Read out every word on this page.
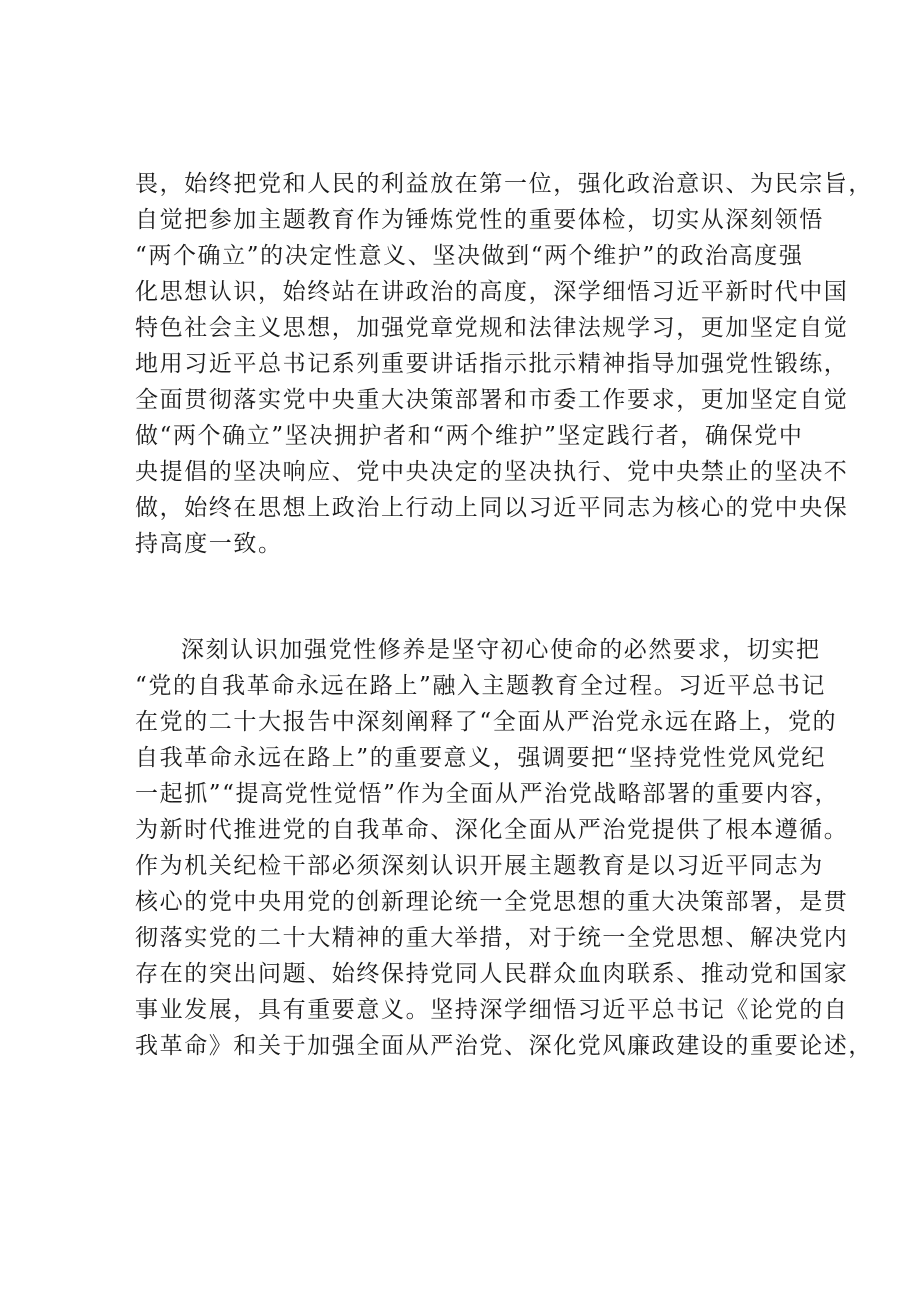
畏，始终把党和人民的利益放在第一位，强化政治意识、为民宗旨，
自觉把参加主题教育作为锤炼党性的重要体检，切实从深刻领悟
“两个确立”的决定性意义、坚决做到“两个维护”的政治高度强
化思想认识，始终站在讲政治的高度，深学细悟习近平新时代中国
特色社会主义思想，加强党章党规和法律法规学习，更加坚定自觉
地用习近平总书记系列重要讲话指示批示精神指导加强党性锻练，
全面贯彻落实党中央重大决策部署和市委工作要求，更加坚定自觉
做“两个确立”坚决拥护者和“两个维护”坚定践行者，确保党中
央提倡的坚决响应、党中央决定的坚决执行、党中央禁止的坚决不
做，始终在思想上政治上行动上同以习近平同志为核心的党中央保
持高度一致。
深刻认识加强党性修养是坚守初心使命的必然要求，切实把
“党的自我革命永远在路上”融入主题教育全过程。习近平总书记
在党的二十大报告中深刻阐释了“全面从严治党永远在路上，党的
自我革命永远在路上”的重要意义，强调要把“坚持党性党风党纪
一起抓”“提高党性觉悟”作为全面从严治党战略部署的重要内容，
为新时代推进党的自我革命、深化全面从严治党提供了根本遵循。
作为机关纪检干部必须深刻认识开展主题教育是以习近平同志为
核心的党中央用党的创新理论统一全党思想的重大决策部署，是贯
彻落实党的二十大精神的重大举措，对于统一全党思想、解决党内
存在的突出问题、始终保持党同人民群众血肉联系、推动党和国家
事业发展，具有重要意义。坚持深学细悟习近平总书记《论党的自
我革命》和关于加强全面从严治党、深化党风廉政建设的重要论述，
